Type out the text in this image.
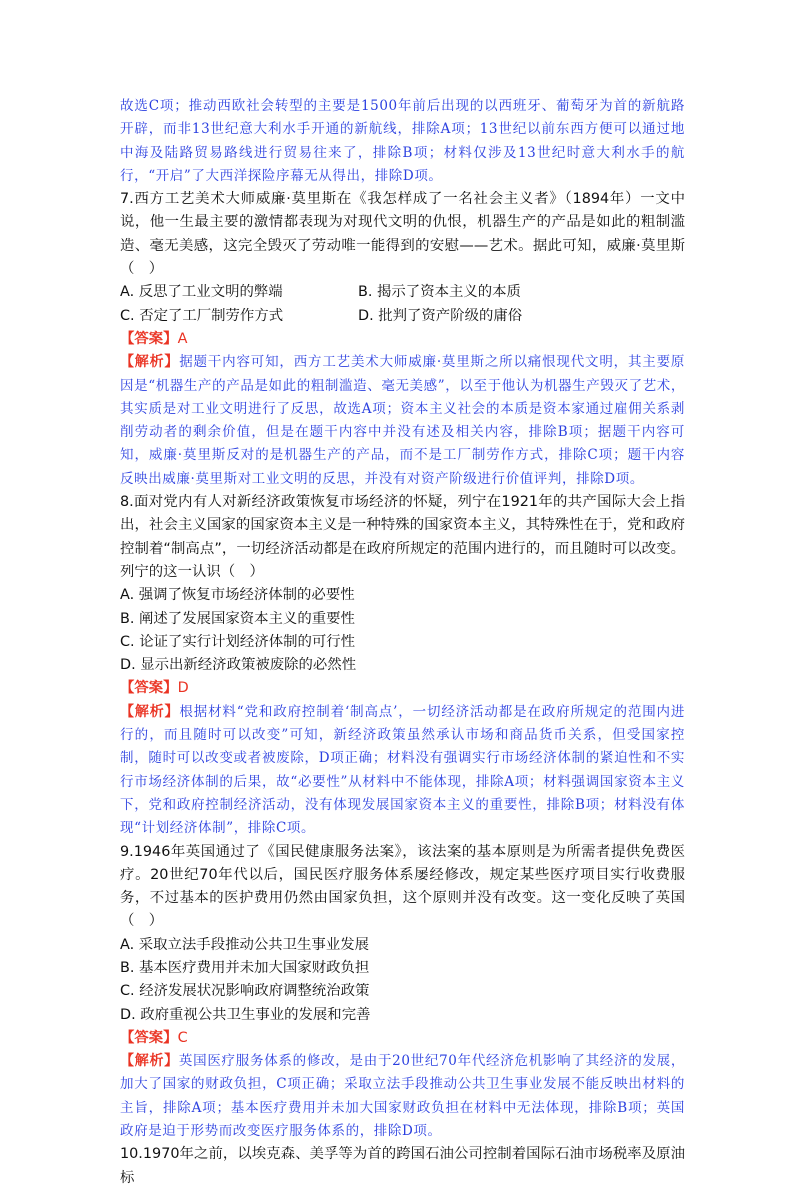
故选C项；推动西欧社会转型的主要是1500年前后出现的以西班牙、葡萄牙为首的新航路开辟，而非13世纪意大利水手开通的新航线，排除A项；13世纪以前东西方便可以通过地中海及陆路贸易路线进行贸易往来了，排除B项；材料仅涉及13世纪时意大利水手的航行，“开启”了大西洋探险序幕无从得出，排除D项。

7.西方工艺美术大师威廉·莫里斯在《我怎样成了一名社会主义者》（1894年）一文中说，他一生最主要的激情都表现为对现代文明的仇恨，机器生产的产品是如此的粗制滥造、毫无美感，这完全毁灭了劳动唯一能得到的安慰——艺术。据此可知，威廉·莫里斯（　）

A. 反思了工业文明的弊端	B. 揭示了资本主义的本质

C. 否定了工厂制劳作方式	D. 批判了资产阶级的庸俗

【答案】A

【解析】据题干内容可知，西方工艺美术大师威廉·莫里斯之所以痛恨现代文明，其主要原因是“机器生产的产品是如此的粗制滥造、毫无美感”，以至于他认为机器生产毁灭了艺术，其实质是对工业文明进行了反思，故选A项；资本主义社会的本质是资本家通过雇佣关系剥削劳动者的剩余价值，但是在题干内容中并没有述及相关内容，排除B项；据题干内容可知，威廉·莫里斯反对的是机器生产的产品，而不是工厂制劳作方式，排除C项；题干内容反映出威廉·莫里斯对工业文明的反思，并没有对资产阶级进行价值评判，排除D项。

8.面对党内有人对新经济政策恢复市场经济的怀疑，列宁在1921年的共产国际大会上指出，社会主义国家的国家资本主义是一种特殊的国家资本主义，其特殊性在于，党和政府控制着“制高点”，一切经济活动都是在政府所规定的范围内进行的，而且随时可以改变。列宁的这一认识（　）

A. 强调了恢复市场经济体制的必要性

B. 阐述了发展国家资本主义的重要性

C. 论证了实行计划经济体制的可行性

D. 显示出新经济政策被废除的必然性

【答案】D

【解析】根据材料“党和政府控制着‘制高点’，一切经济活动都是在政府所规定的范围内进行的，而且随时可以改变”可知，新经济政策虽然承认市场和商品货币关系，但受国家控制，随时可以改变或者被废除，D项正确；材料没有强调实行市场经济体制的紧迫性和不实行市场经济体制的后果，故“必要性”从材料中不能体现，排除A项；材料强调国家资本主义下，党和政府控制经济活动，没有体现发展国家资本主义的重要性，排除B项；材料没有体现“计划经济体制”，排除C项。

9.1946年英国通过了《国民健康服务法案》，该法案的基本原则是为所需者提供免费医疗。20世纪70年代以后，国民医疗服务体系屡经修改，规定某些医疗项目实行收费服务，不过基本的医护费用仍然由国家负担，这个原则并没有改变。这一变化反映了英国（　）

A. 采取立法手段推动公共卫生事业发展

B. 基本医疗费用并未加大国家财政负担

C. 经济发展状况影响政府调整统治政策

D. 政府重视公共卫生事业的发展和完善

【答案】C

【解析】英国医疗服务体系的修改，是由于20世纪70年代经济危机影响了其经济的发展，加大了国家的财政负担，C项正确；采取立法手段推动公共卫生事业发展不能反映出材料的主旨，排除A项；基本医疗费用并未加大国家财政负担在材料中无法体现，排除B项；英国政府是迫于形势而改变医疗服务体系的，排除D项。

10.1970年之前，以埃克森、美孚等为首的跨国石油公司控制着国际石油市场税率及原油标
